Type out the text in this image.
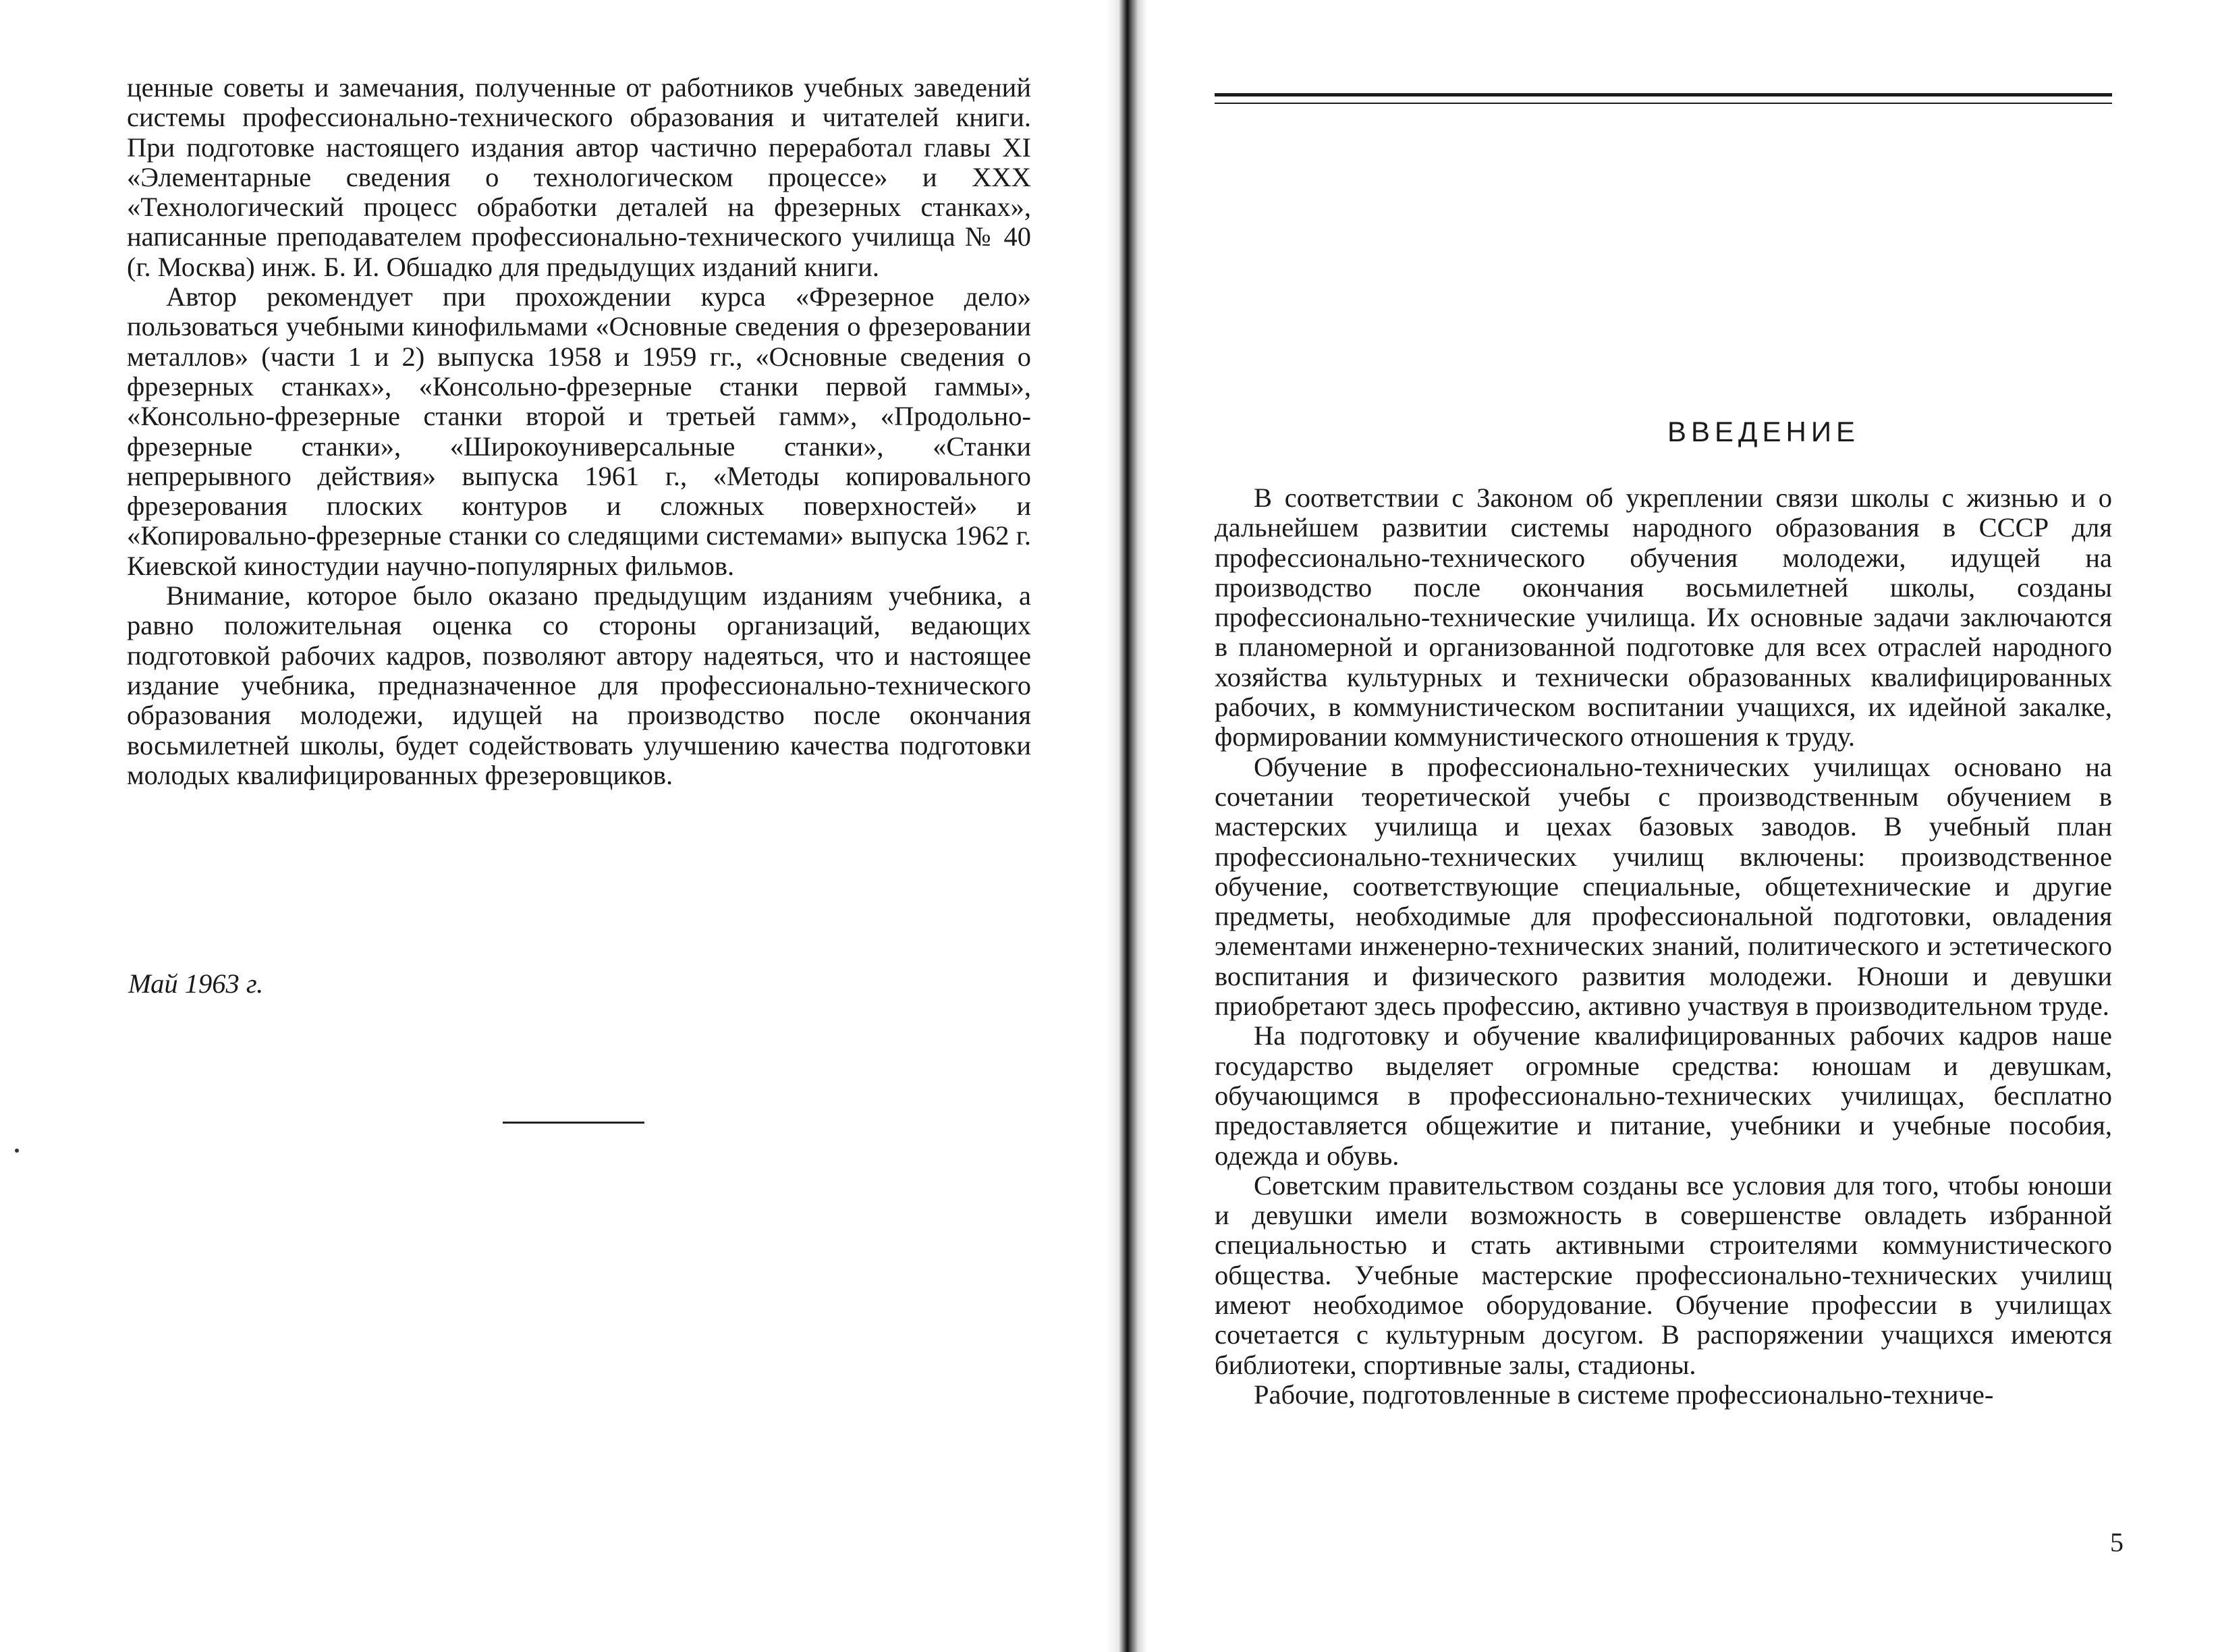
ценные советы и замечания, полученные от работников учебных заведений системы профессионально-технического образования и читателей книги. При подготовке настоящего издания автор частично переработал главы XI «Элементарные сведения о технологическом процессе» и XXX «Технологический процесс обработки деталей на фрезерных станках», написанные преподавателем профессионально-технического училища № 40 (г. Москва) инж. Б. И. Обшадко для предыдущих изданий книги.

Автор рекомендует при прохождении курса «Фрезерное дело» пользоваться учебными кинофильмами «Основные сведения о фрезеровании металлов» (части 1 и 2) выпуска 1958 и 1959 гг., «Основные сведения о фрезерных станках», «Консольно-фрезерные станки первой гаммы», «Консольно-фрезерные станки второй и третьей гамм», «Продольно-фрезерные станки», «Широкоуниверсальные станки», «Станки непрерывного действия» выпуска 1961 г., «Методы копировального фрезерования плоских контуров и сложных поверхностей» и «Копировально-фрезерные станки со следящими системами» выпуска 1962 г. Киевской киностудии научно-популярных фильмов.

Внимание, которое было оказано предыдущим изданиям учебника, а равно положительная оценка со стороны организаций, ведающих подготовкой рабочих кадров, позволяют автору надеяться, что и настоящее издание учебника, предназначенное для профессионально-технического образования молодежи, идущей на производство после окончания восьмилетней школы, будет содействовать улучшению качества подготовки молодых квалифицированных фрезеровщиков.

Май 1963 г.
ВВЕДЕНИЕ

В соответствии с Законом об укреплении связи школы с жизнью и о дальнейшем развитии системы народного образования в СССР для профессионально-технического обучения молодежи, идущей на производство после окончания восьмилетней школы, созданы профессионально-технические училища. Их основные задачи заключаются в планомерной и организованной подготовке для всех отраслей народного хозяйства культурных и технически образованных квалифицированных рабочих, в коммунистическом воспитании учащихся, их идейной закалке, формировании коммунистического отношения к труду.

Обучение в профессионально-технических училищах основано на сочетании теоретической учебы с производственным обучением в мастерских училища и цехах базовых заводов. В учебный план профессионально-технических училищ включены: производственное обучение, соответствующие специальные, общетехнические и другие предметы, необходимые для профессиональной подготовки, овладения элементами инженерно-технических знаний, политического и эстетического воспитания и физического развития молодежи. Юноши и девушки приобретают здесь профессию, активно участвуя в производительном труде.

На подготовку и обучение квалифицированных рабочих кадров наше государство выделяет огромные средства: юношам и девушкам, обучающимся в профессионально-технических училищах, бесплатно предоставляется общежитие и питание, учебники и учебные пособия, одежда и обувь.

Советским правительством созданы все условия для того, чтобы юноши и девушки имели возможность в совершенстве овладеть избранной специальностью и стать активными строителями коммунистического общества. Учебные мастерские профессионально-технических училищ имеют необходимое оборудование. Обучение профессии в училищах сочетается с культурным досугом. В распоряжении учащихся имеются библиотеки, спортивные залы, стадионы.

Рабочие, подготовленные в системе профессионально-техниче-

5
